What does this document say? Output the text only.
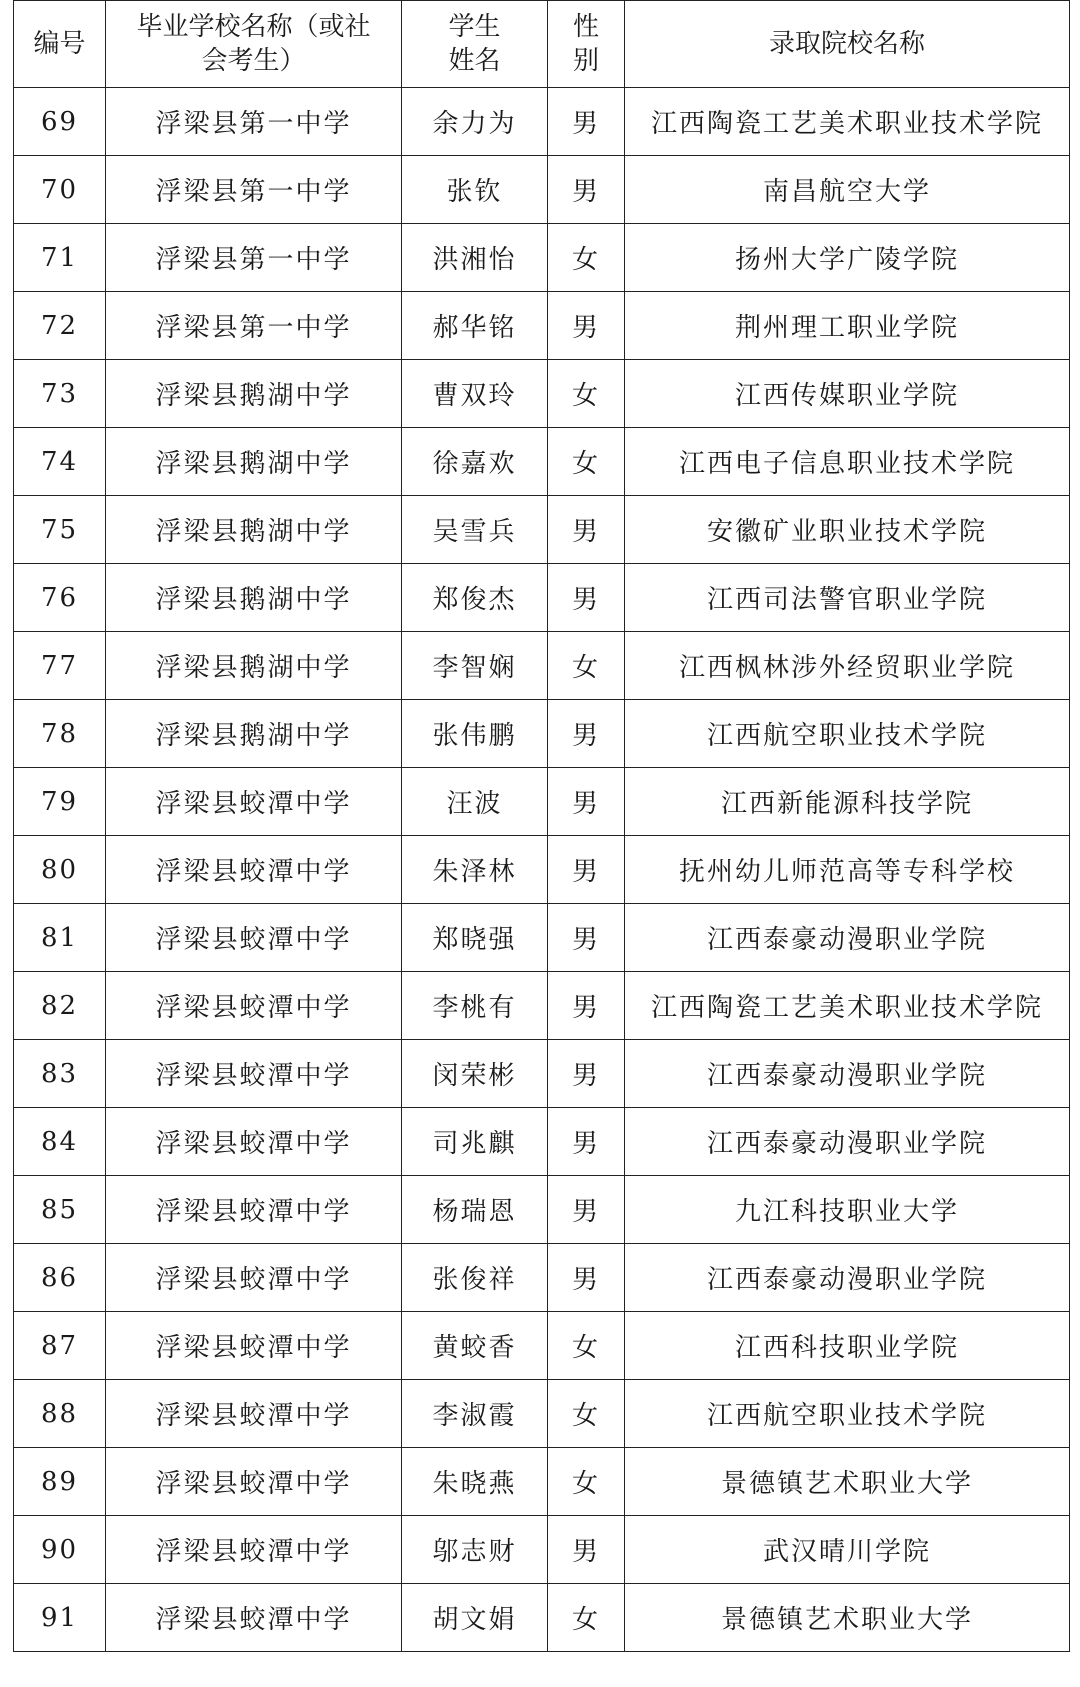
编号	毕业学校名称（或社会考生）	学生姓名	性别	录取院校名称
69	浮梁县第一中学	余力为	男	江西陶瓷工艺美术职业技术学院
70	浮梁县第一中学	张钦	男	南昌航空大学
71	浮梁县第一中学	洪湘怡	女	扬州大学广陵学院
72	浮梁县第一中学	郝华铭	男	荆州理工职业学院
73	浮梁县鹅湖中学	曹双玲	女	江西传媒职业学院
74	浮梁县鹅湖中学	徐嘉欢	女	江西电子信息职业技术学院
75	浮梁县鹅湖中学	吴雪兵	男	安徽矿业职业技术学院
76	浮梁县鹅湖中学	郑俊杰	男	江西司法警官职业学院
77	浮梁县鹅湖中学	李智娴	女	江西枫林涉外经贸职业学院
78	浮梁县鹅湖中学	张伟鹏	男	江西航空职业技术学院
79	浮梁县蛟潭中学	汪波	男	江西新能源科技学院
80	浮梁县蛟潭中学	朱泽林	男	抚州幼儿师范高等专科学校
81	浮梁县蛟潭中学	郑晓强	男	江西泰豪动漫职业学院
82	浮梁县蛟潭中学	李桃有	男	江西陶瓷工艺美术职业技术学院
83	浮梁县蛟潭中学	闵荣彬	男	江西泰豪动漫职业学院
84	浮梁县蛟潭中学	司兆麒	男	江西泰豪动漫职业学院
85	浮梁县蛟潭中学	杨瑞恩	男	九江科技职业大学
86	浮梁县蛟潭中学	张俊祥	男	江西泰豪动漫职业学院
87	浮梁县蛟潭中学	黄蛟香	女	江西科技职业学院
88	浮梁县蛟潭中学	李淑霞	女	江西航空职业技术学院
89	浮梁县蛟潭中学	朱晓燕	女	景德镇艺术职业大学
90	浮梁县蛟潭中学	邬志财	男	武汉晴川学院
91	浮梁县蛟潭中学	胡文娟	女	景德镇艺术职业大学
